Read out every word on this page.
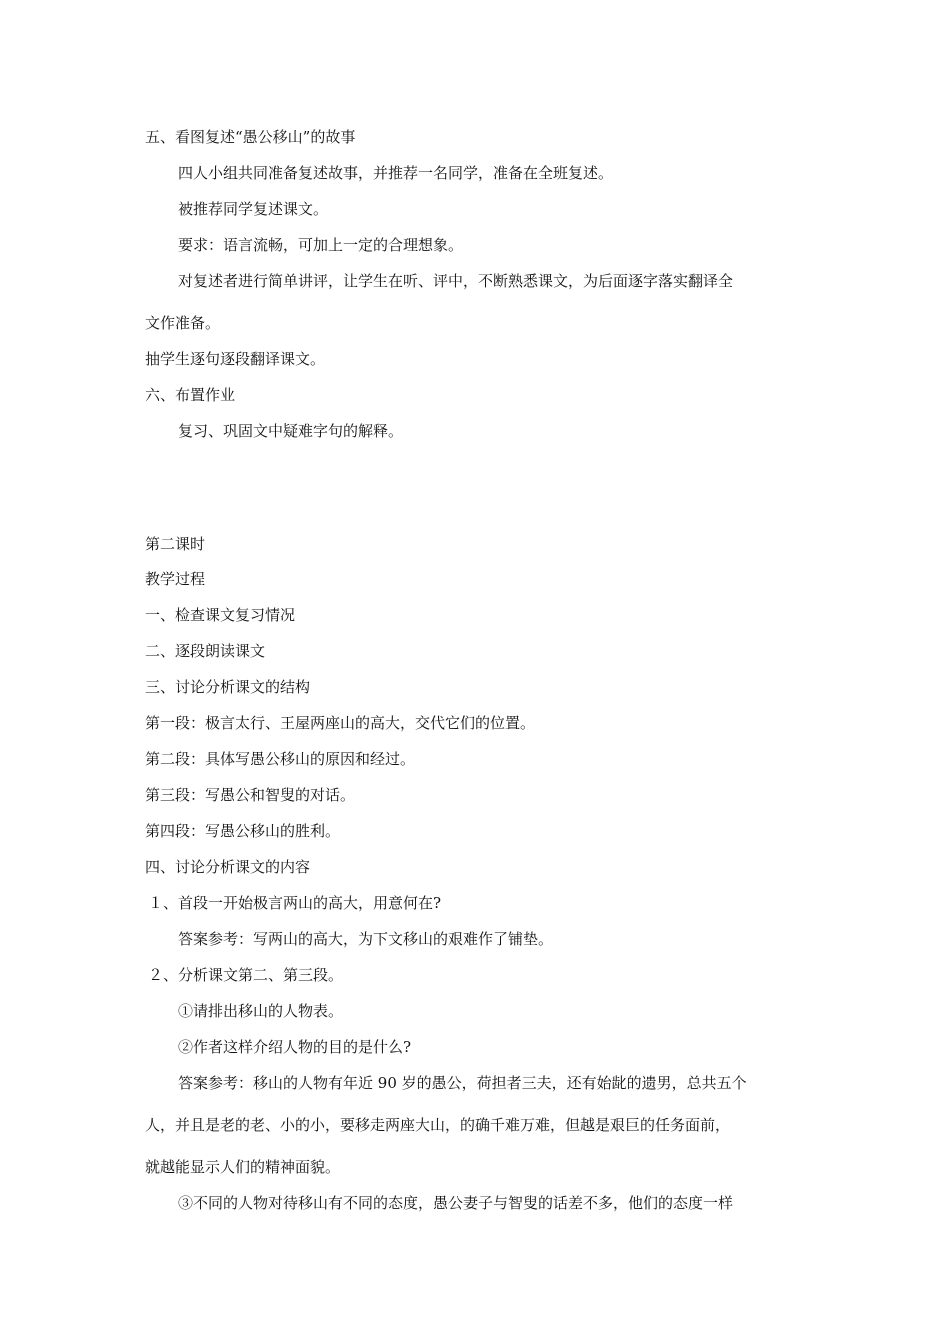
五、看图复述“愚公移山”的故事

四人小组共同准备复述故事，并推荐一名同学，准备在全班复述。

被推荐同学复述课文。

要求：语言流畅，可加上一定的合理想象。

对复述者进行简单讲评，让学生在听、评中，不断熟悉课文，为后面逐字落实翻译全

文作准备。

抽学生逐句逐段翻译课文。

六、布置作业

复习、巩固文中疑难字句的解释。

第二课时

教学过程

一、检查课文复习情况

二、逐段朗读课文

三、讨论分析课文的结构

第一段：极言太行、王屋两座山的高大，交代它们的位置。

第二段：具体写愚公移山的原因和经过。

第三段：写愚公和智叟的对话。

第四段：写愚公移山的胜利。

四、讨论分析课文的内容

１、首段一开始极言两山的高大，用意何在?

答案参考：写两山的高大，为下文移山的艰难作了铺垫。

２、分析课文第二、第三段。

①请排出移山的人物表。

②作者这样介绍人物的目的是什么?

答案参考：移山的人物有年近 90 岁的愚公，荷担者三夫，还有始龀的遗男，总共五个

人，并且是老的老、小的小，要移走两座大山，的确千难万难，但越是艰巨的任务面前，

就越能显示人们的精神面貌。

③不同的人物对待移山有不同的态度，愚公妻子与智叟的话差不多，他们的态度一样
